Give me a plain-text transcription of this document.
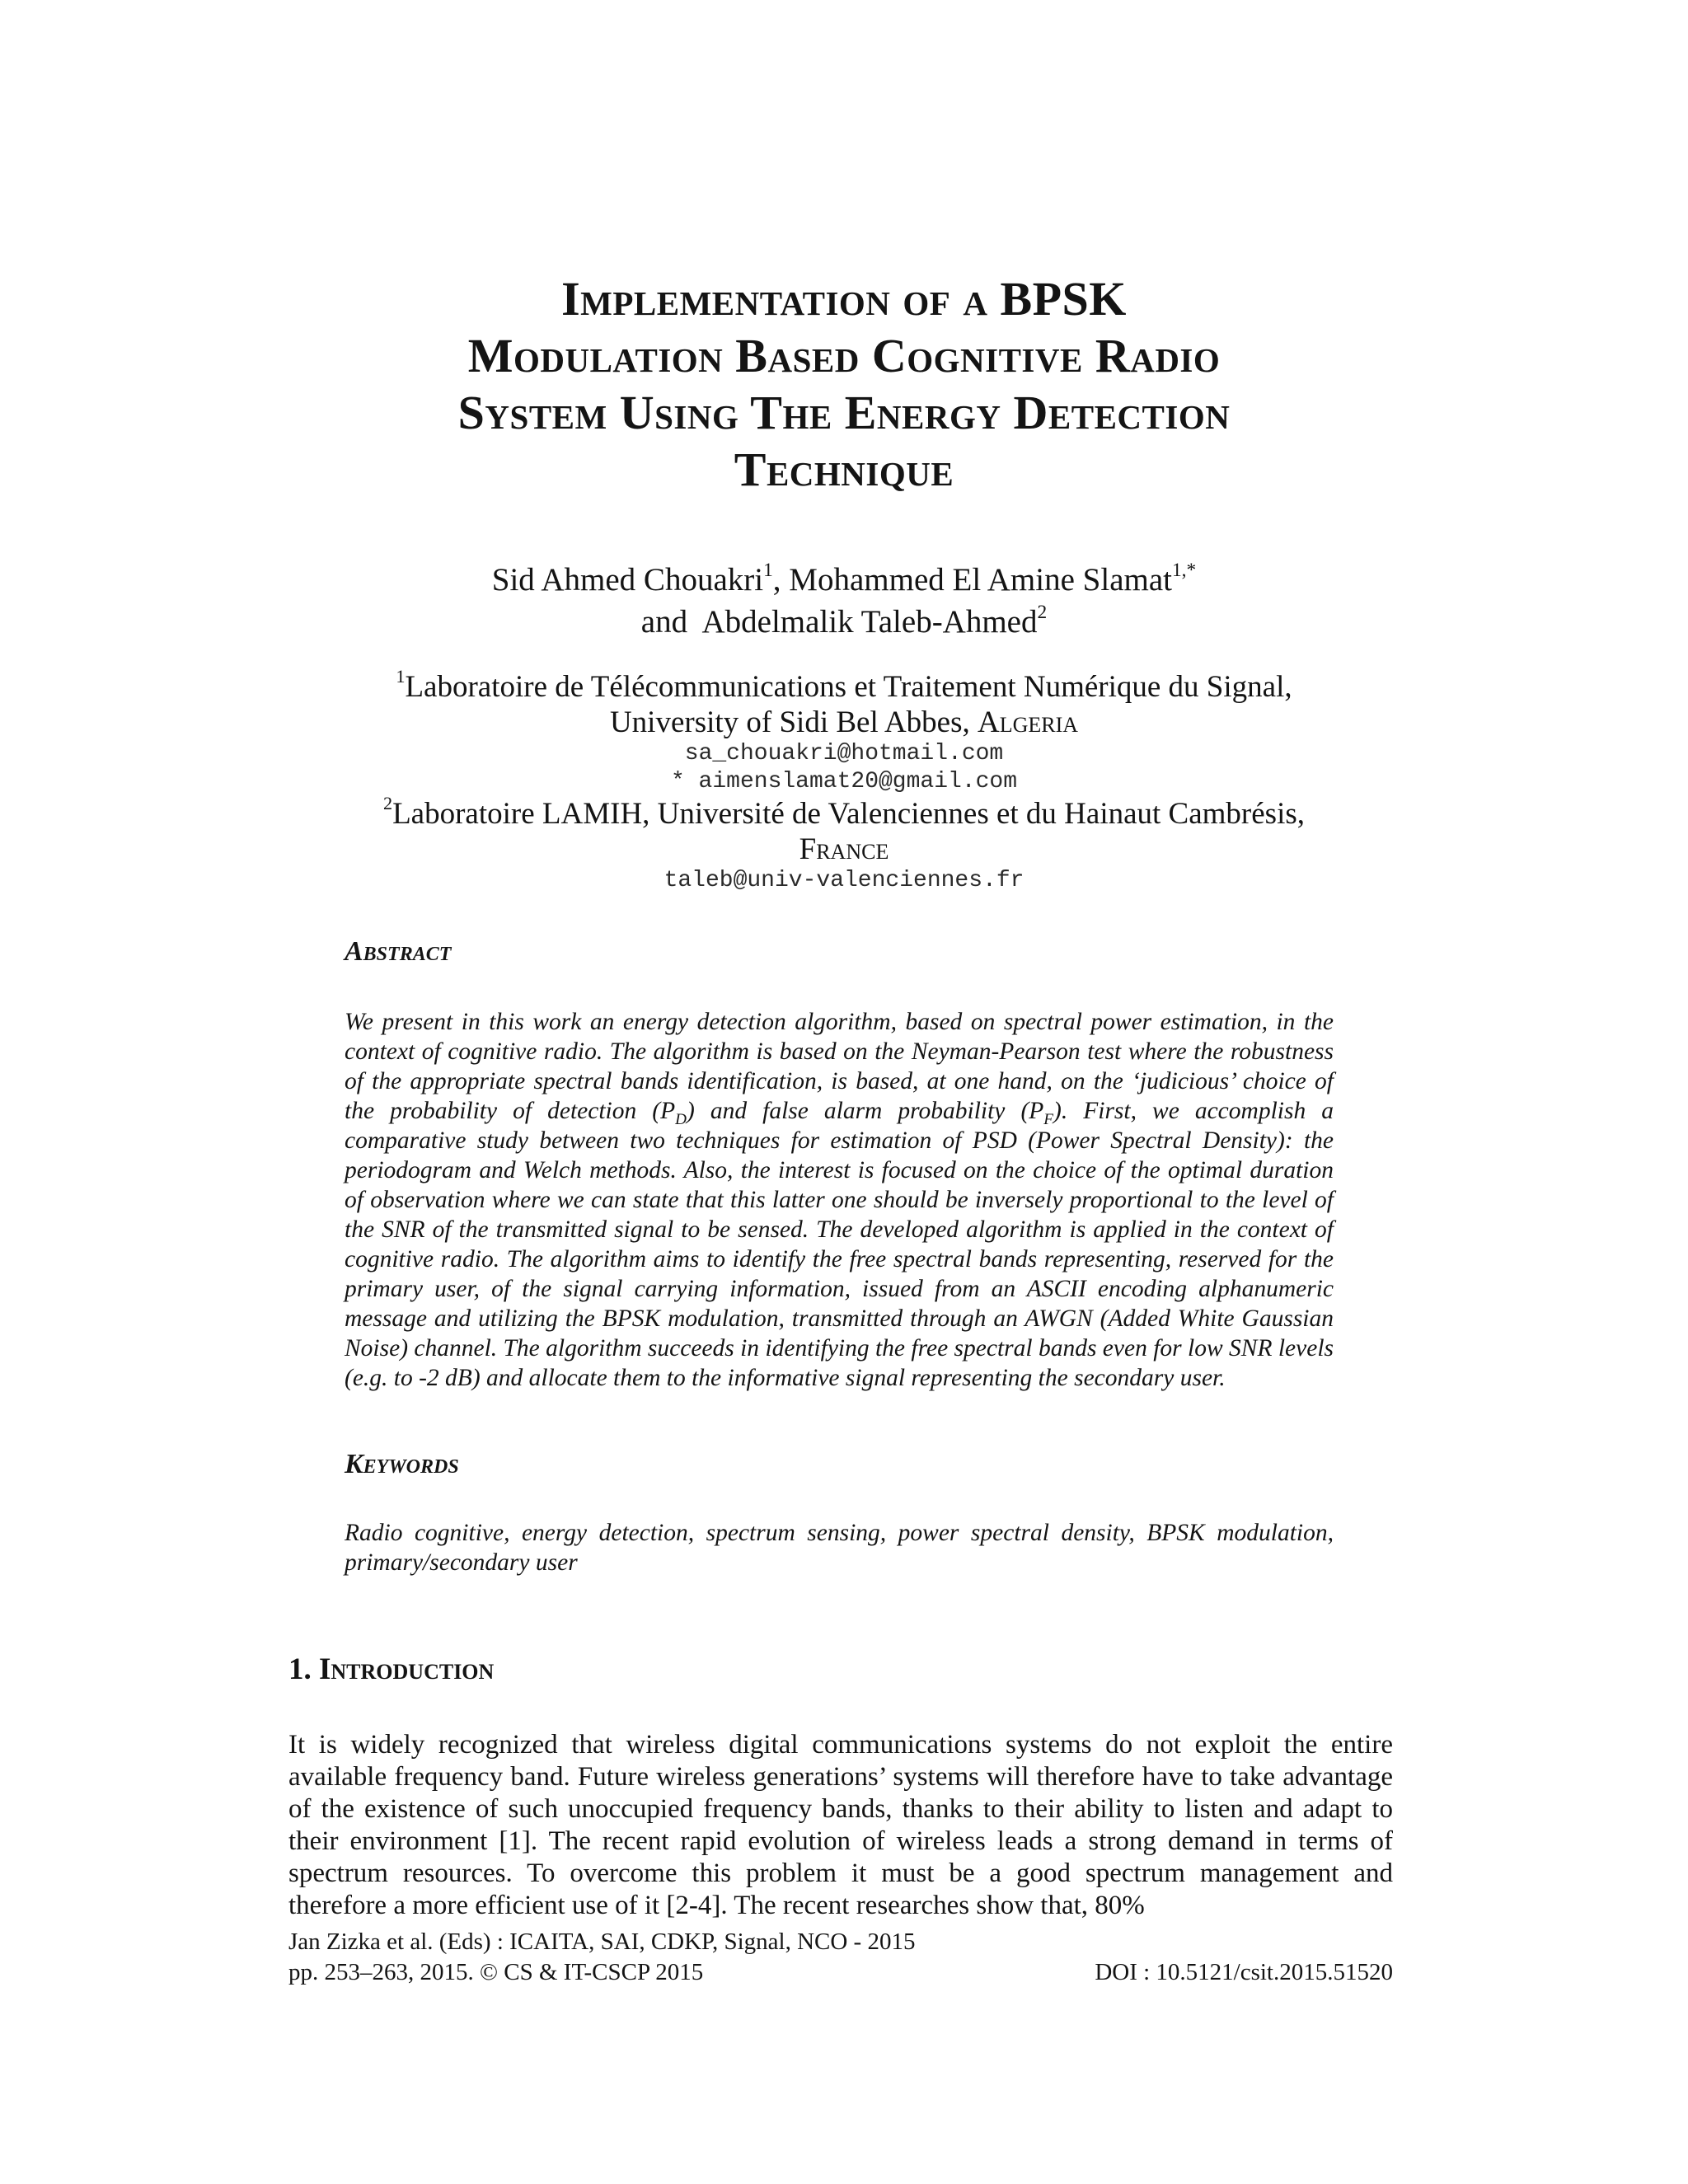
Implementation of a BPSK
Modulation Based Cognitive Radio
System Using The Energy Detection
Technique
Sid Ahmed Chouakri$^1$, Mohammed El Amine Slamat$^{1,*}$
and  Abdelmalik Taleb-Ahmed$^2$
$^1$Laboratoire de Télécommunications et Traitement Numérique du Signal,
University of Sidi Bel Abbes, Algeria
sa_chouakri@hotmail.com
* aimenslamat20@gmail.com
$^2$Laboratoire LAMIH, Université de Valenciennes et du Hainaut Cambrésis,
France
taleb@univ-valenciennes.fr
Abstract
We present in this work an energy detection algorithm, based on spectral power estimation, in the context of cognitive radio. The algorithm is based on the Neyman-Pearson test where the robustness of the appropriate spectral bands identification, is based, at one hand, on the ‘judicious’ choice of the probability of detection $(P_D)$ and false alarm probability $(P_F)$. First, we accomplish a comparative study between two techniques for estimation of PSD (Power Spectral Density): the periodogram and Welch methods. Also, the interest is focused on the choice of the optimal duration of observation where we can state that this latter one should be inversely proportional to the level of the SNR of the transmitted signal to be sensed. The developed algorithm is applied in the context of cognitive radio. The algorithm aims to identify the free spectral bands representing, reserved for the primary user, of the signal carrying information, issued from an ASCII encoding alphanumeric message and utilizing the BPSK modulation, transmitted through an AWGN (Added White Gaussian Noise) channel. The algorithm succeeds in identifying the free spectral bands even for low SNR levels (e.g. to -2 dB) and allocate them to the informative signal representing the secondary user.
Keywords
Radio cognitive, energy detection, spectrum sensing, power spectral density, BPSK modulation, primary/secondary user
1. Introduction
It is widely recognized that wireless digital communications systems do not exploit the entire available frequency band. Future wireless generations’ systems will therefore have to take advantage of the existence of such unoccupied frequency bands, thanks to their ability to listen and adapt to their environment [1]. The recent rapid evolution of wireless leads a strong demand in terms of spectrum resources. To overcome this problem it must be a good spectrum management and therefore a more efficient use of it [2-4]. The recent researches show that, 80%
Jan Zizka et al. (Eds) : ICAITA, SAI, CDKP, Signal, NCO - 2015
pp. 253–263, 2015. © CS & IT-CSCP 2015	DOI : 10.5121/csit.2015.51520
